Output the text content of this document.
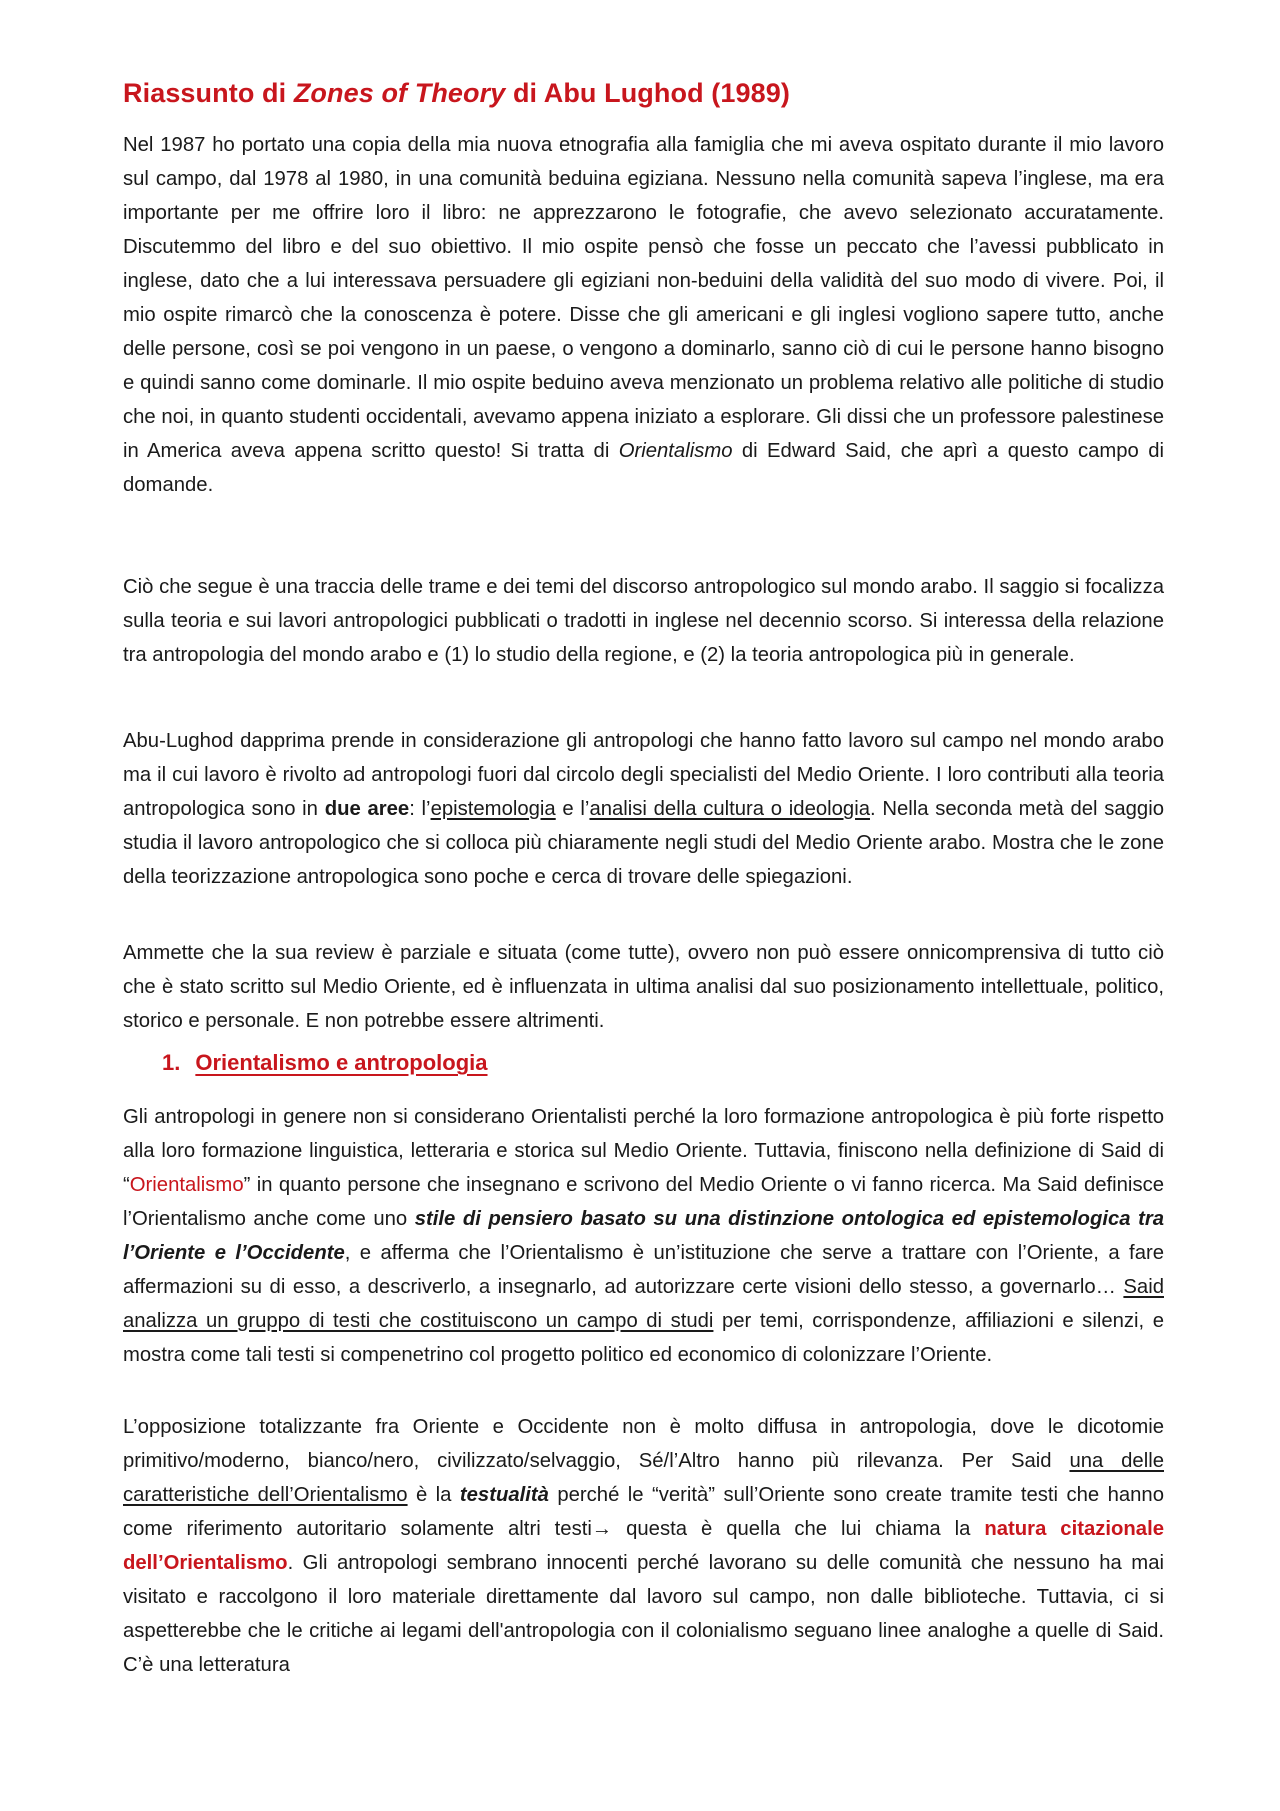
Riassunto di Zones of Theory di Abu Lughod (1989)

Nel 1987 ho portato una copia della mia nuova etnografia alla famiglia che mi aveva ospitato durante il mio lavoro sul campo, dal 1978 al 1980, in una comunità beduina egiziana. Nessuno nella comunità sapeva l’inglese, ma era importante per me offrire loro il libro: ne apprezzarono le fotografie, che avevo selezionato accuratamente. Discutemmo del libro e del suo obiettivo. Il mio ospite pensò che fosse un peccato che l’avessi pubblicato in inglese, dato che a lui interessava persuadere gli egiziani non-beduini della validità del suo modo di vivere. Poi, il mio ospite rimarcò che la conoscenza è potere. Disse che gli americani e gli inglesi vogliono sapere tutto, anche delle persone, così se poi vengono in un paese, o vengono a dominarlo, sanno ciò di cui le persone hanno bisogno e quindi sanno come dominarle. Il mio ospite beduino aveva menzionato un problema relativo alle politiche di studio che noi, in quanto studenti occidentali, avevamo appena iniziato a esplorare. Gli dissi che un professore palestinese in America aveva appena scritto questo! Si tratta di Orientalismo di Edward Said, che aprì a questo campo di domande.

Ciò che segue è una traccia delle trame e dei temi del discorso antropologico sul mondo arabo. Il saggio si focalizza sulla teoria e sui lavori antropologici pubblicati o tradotti in inglese nel decennio scorso. Si interessa della relazione tra antropologia del mondo arabo e (1) lo studio della regione, e (2) la teoria antropologica più in generale.

Abu-Lughod dapprima prende in considerazione gli antropologi che hanno fatto lavoro sul campo nel mondo arabo ma il cui lavoro è rivolto ad antropologi fuori dal circolo degli specialisti del Medio Oriente. I loro contributi alla teoria antropologica sono in due aree: l’epistemologia e l’analisi della cultura o ideologia. Nella seconda metà del saggio studia il lavoro antropologico che si colloca più chiaramente negli studi del Medio Oriente arabo. Mostra che le zone della teorizzazione antropologica sono poche e cerca di trovare delle spiegazioni.

Ammette che la sua review è parziale e situata (come tutte), ovvero non può essere onnicomprensiva di tutto ciò che è stato scritto sul Medio Oriente, ed è influenzata in ultima analisi dal suo posizionamento intellettuale, politico, storico e personale. E non potrebbe essere altrimenti.

1. Orientalismo e antropologia

Gli antropologi in genere non si considerano Orientalisti perché la loro formazione antropologica è più forte rispetto alla loro formazione linguistica, letteraria e storica sul Medio Oriente. Tuttavia, finiscono nella definizione di Said di “Orientalismo” in quanto persone che insegnano e scrivono del Medio Oriente o vi fanno ricerca. Ma Said definisce l’Orientalismo anche come uno stile di pensiero basato su una distinzione ontologica ed epistemologica tra l’Oriente e l’Occidente, e afferma che l’Orientalismo è un’istituzione che serve a trattare con l’Oriente, a fare affermazioni su di esso, a descriverlo, a insegnarlo, ad autorizzare certe visioni dello stesso, a governarlo… Said analizza un gruppo di testi che costituiscono un campo di studi per temi, corrispondenze, affiliazioni e silenzi, e mostra come tali testi si compenetrino col progetto politico ed economico di colonizzare l’Oriente.

L’opposizione totalizzante fra Oriente e Occidente non è molto diffusa in antropologia, dove le dicotomie primitivo/moderno, bianco/nero, civilizzato/selvaggio, Sé/l’Altro hanno più rilevanza. Per Said una delle caratteristiche dell’Orientalismo è la testualità perché le “verità” sull’Oriente sono create tramite testi che hanno come riferimento autoritario solamente altri testi→ questa è quella che lui chiama la natura citazionale dell’Orientalismo. Gli antropologi sembrano innocenti perché lavorano su delle comunità che nessuno ha mai visitato e raccolgono il loro materiale direttamente dal lavoro sul campo, non dalle biblioteche. Tuttavia, ci si aspetterebbe che le critiche ai legami dell'antropologia con il colonialismo seguano linee analoghe a quelle di Said. C’è una letteratura
